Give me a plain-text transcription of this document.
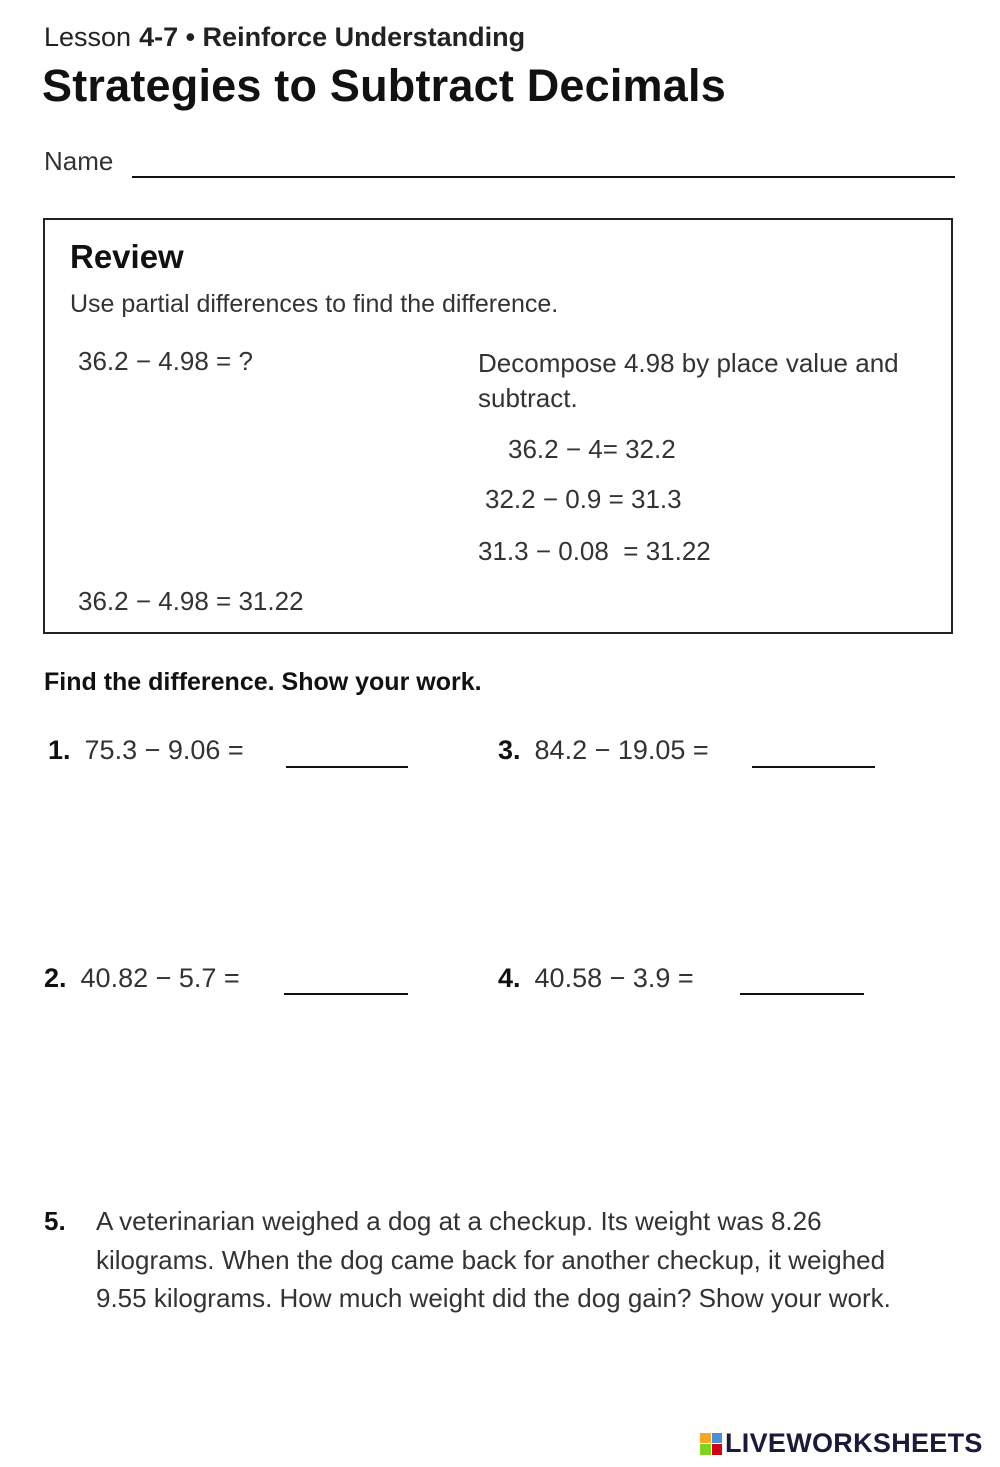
Lesson 4-7 • Reinforce Understanding
Strategies to Subtract Decimals
Name
Review
Use partial differences to find the difference.
36.2 − 4.98 = ?	Decompose 4.98 by place value and subtract.
36.2 − 4= 32.2
32.2 − 0.9 = 31.3
31.3 − 0.08  = 31.22
36.2 − 4.98 = 31.22
Find the difference. Show your work.
1. 75.3 − 9.06 =	3. 84.2 − 19.05 =
2. 40.82 − 5.7 =	4. 40.58 − 3.9 =
5. A veterinarian weighed a dog at a checkup. Its weight was 8.26 kilograms. When the dog came back for another checkup, it weighed 9.55 kilograms. How much weight did the dog gain? Show your work.
LIVEWORKSHEETS
